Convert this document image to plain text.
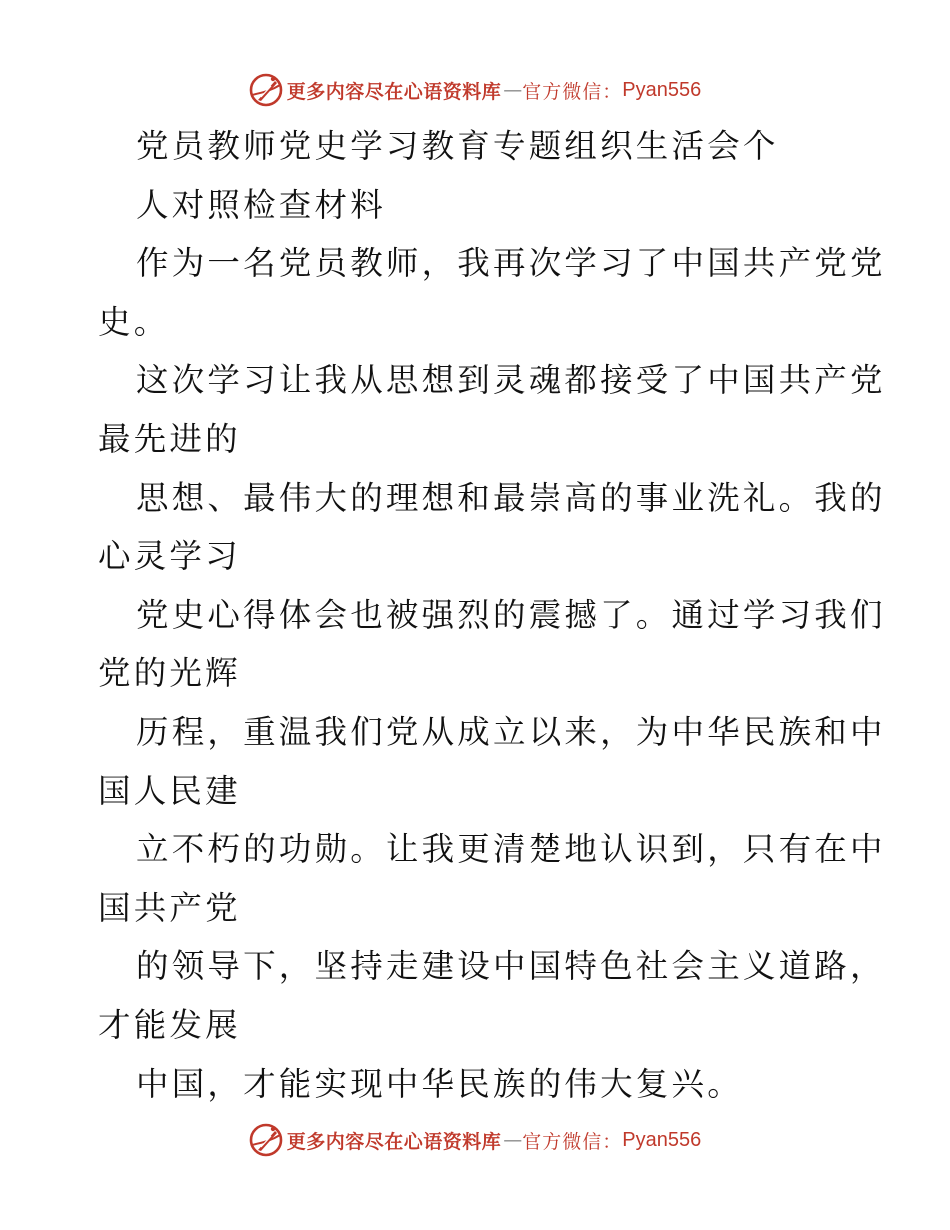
更多内容尽在心语资料库 — 官方微信： Pyan556
党员教师党史学习教育专题组织生活会个
人对照检查材料
作为一名党员教师，我再次学习了中国共产党党
史。
这次学习让我从思想到灵魂都接受了中国共产党
最先进的
思想、最伟大的理想和最崇高的事业洗礼。我的
心灵学习
党史心得体会也被强烈的震撼了。通过学习我们
党的光辉
历程，重温我们党从成立以来，为中华民族和中
国人民建
立不朽的功勋。让我更清楚地认识到，只有在中
国共产党
的领导下，坚持走建设中国特色社会主义道路，
才能发展
中国，才能实现中华民族的伟大复兴。
更多内容尽在心语资料库 — 官方微信： Pyan556
